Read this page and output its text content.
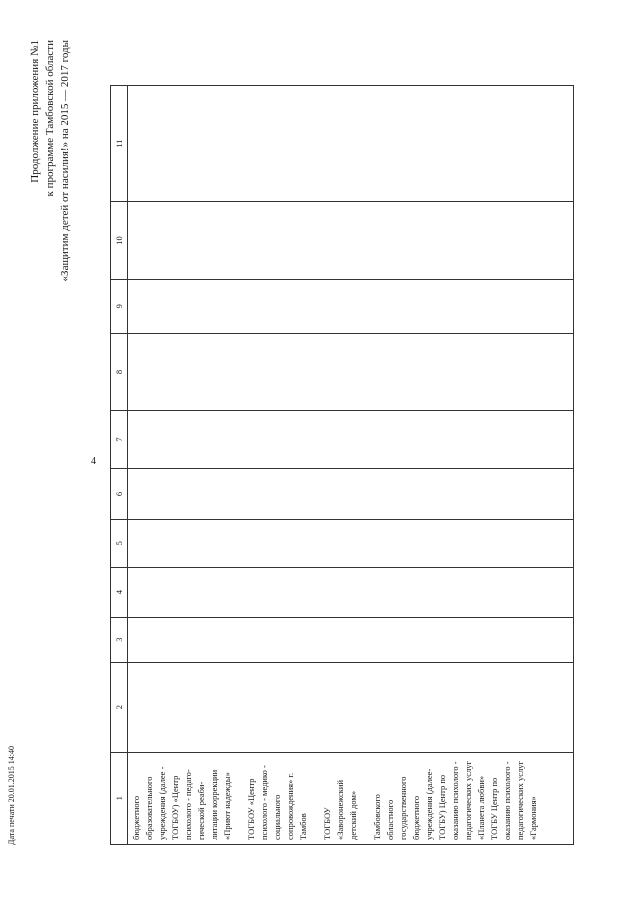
4
Продолжение приложения №1 к программе Тамбовской области «Защитим детей от насилия!» на 2015 — 2017 годы
1	2	3	4	5	6	7	8	9	10	11

бюджетного образовательного учреждения (далее - ТОГБОУ) «Центр психолого - педаго-гической реаби-литации коррекции «Приют надежды» ТОГБОУ «Центр психолого - медико - социального сопровождения» г. Тамбов ТОГБОУ «Заворонежский детский дом» Тамбовского областного государственного бюджетного учреждения (далее-ТОГБУ) Центр по оказанию психолого - педагогических услуг «Планета любви» ТОГБУ Центр по оказанию психолого - педагогических услуг «Гармония»										

Дата печати 20.01.2015 14:40
